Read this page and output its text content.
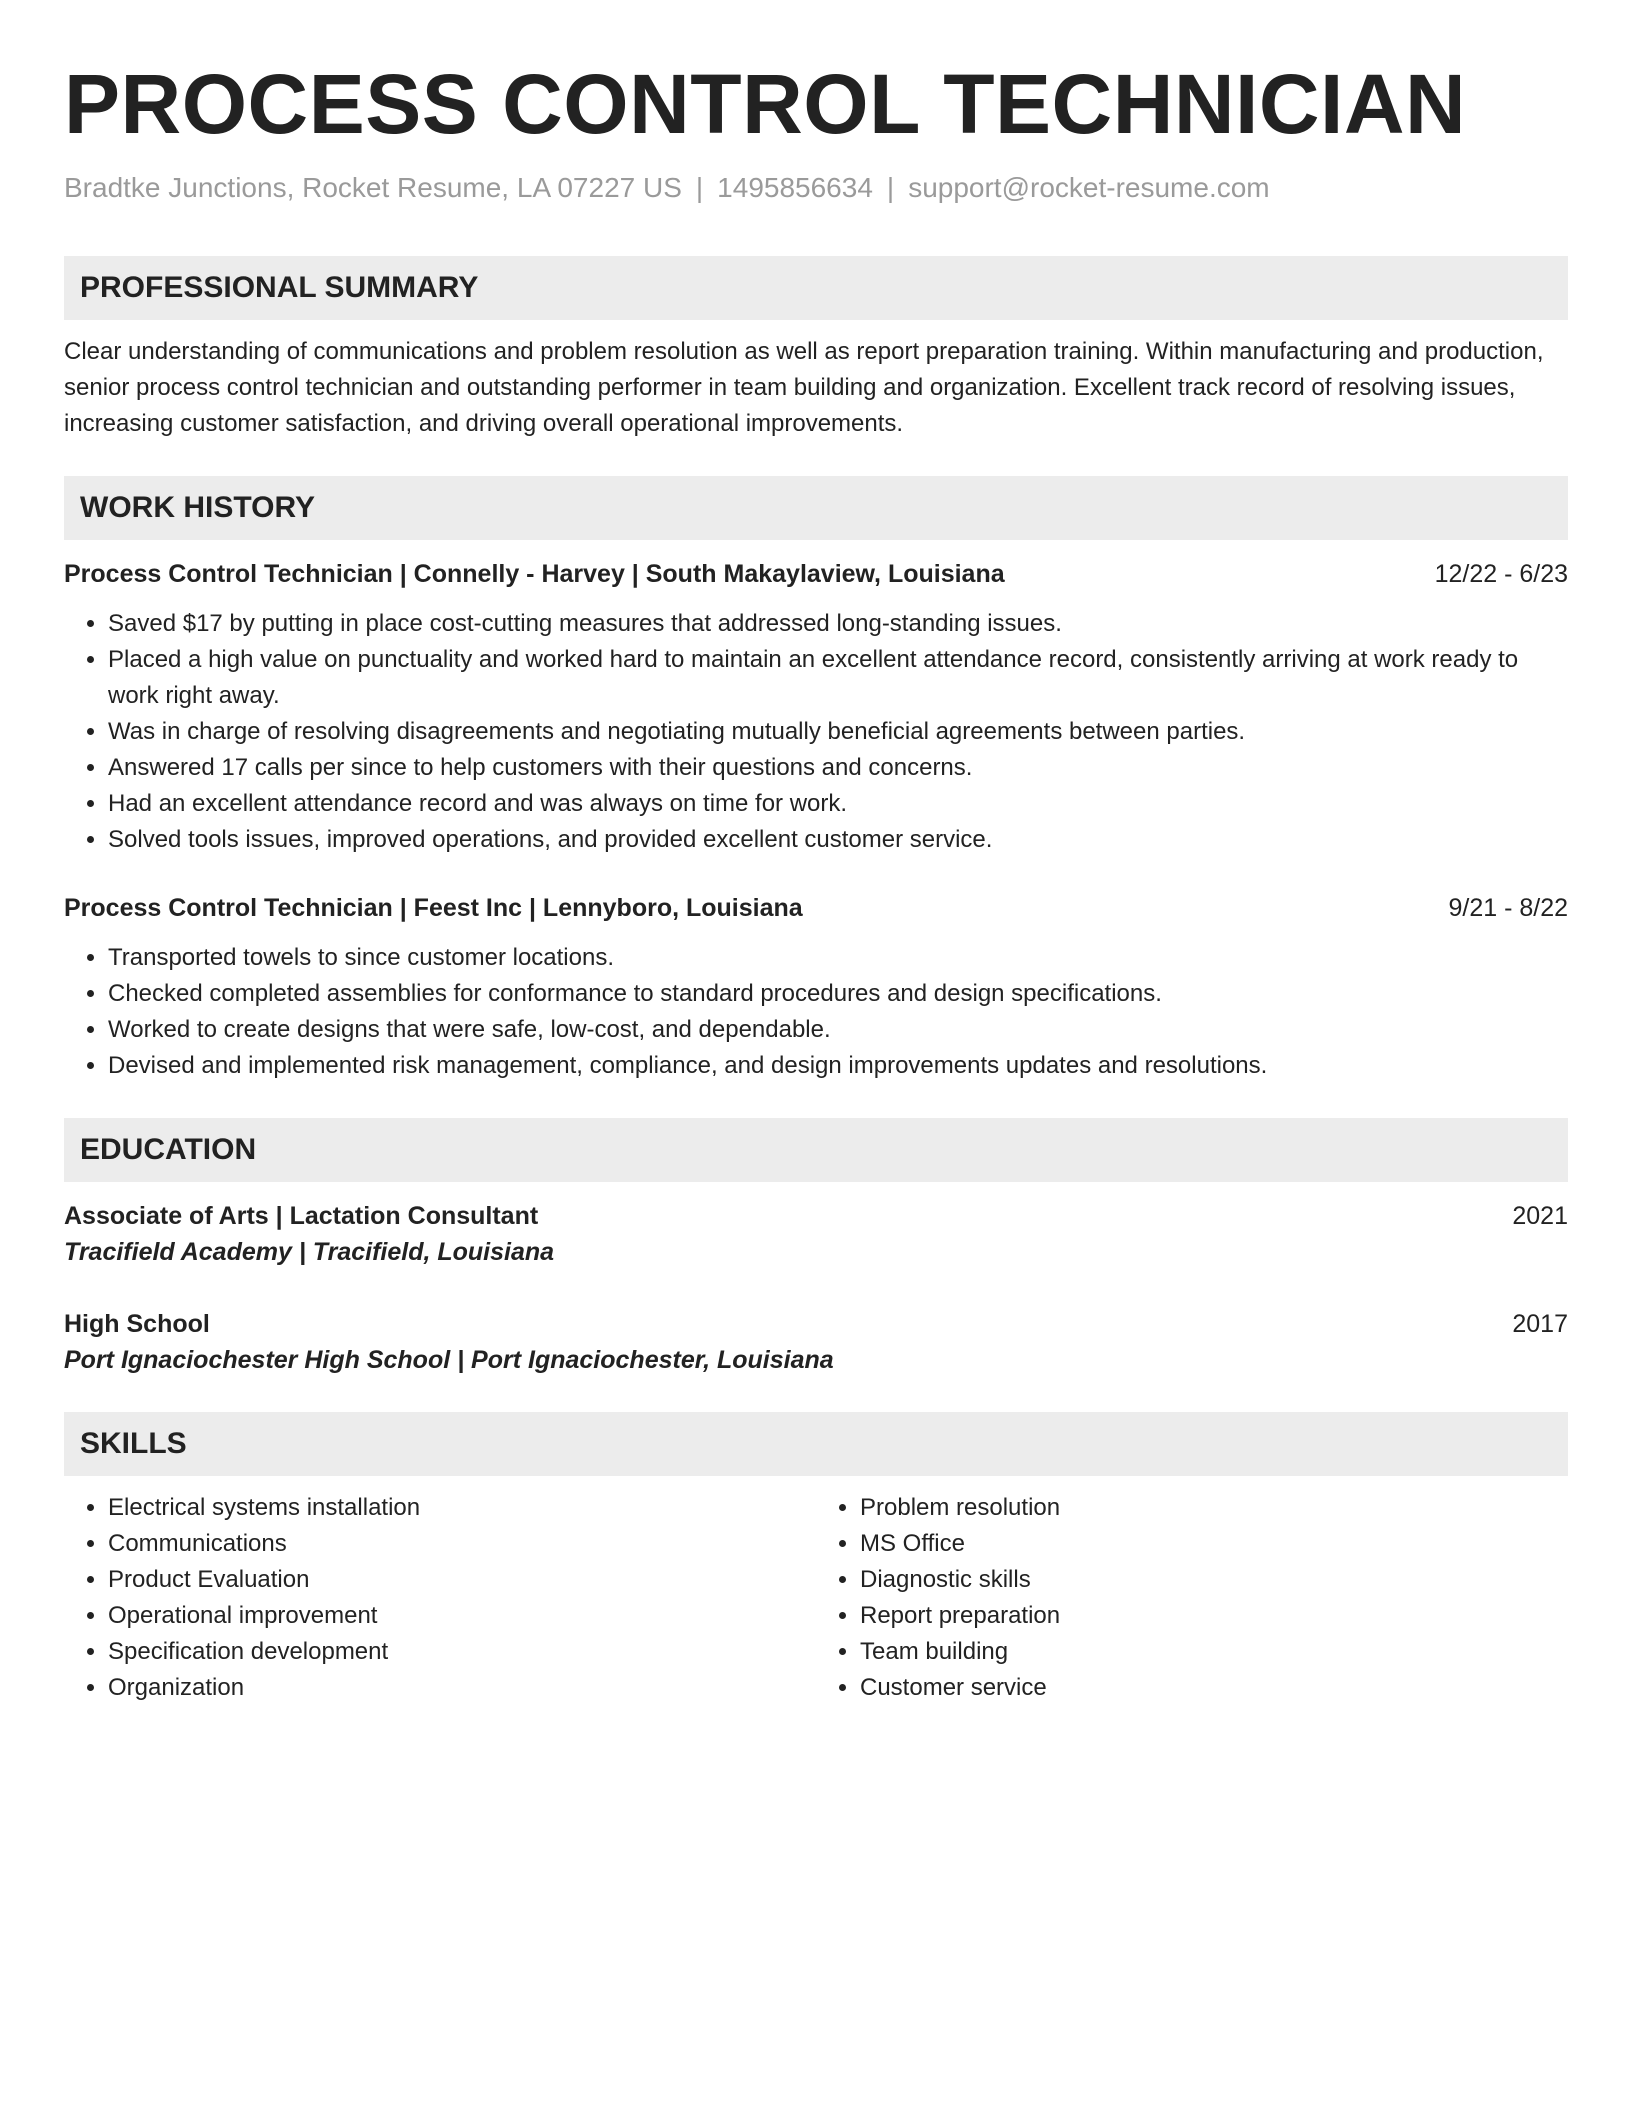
PROCESS CONTROL TECHNICIAN
Bradtke Junctions, Rocket Resume, LA 07227 US | 1495856634 | support@rocket-resume.com
PROFESSIONAL SUMMARY
Clear understanding of communications and problem resolution as well as report preparation training. Within manufacturing and production, senior process control technician and outstanding performer in team building and organization. Excellent track record of resolving issues, increasing customer satisfaction, and driving overall operational improvements.
WORK HISTORY
Process Control Technician | Connelly - Harvey | South Makaylaview, Louisiana	12/22 - 6/23
• Saved $17 by putting in place cost-cutting measures that addressed long-standing issues.
• Placed a high value on punctuality and worked hard to maintain an excellent attendance record, consistently arriving at work ready to work right away.
• Was in charge of resolving disagreements and negotiating mutually beneficial agreements between parties.
• Answered 17 calls per since to help customers with their questions and concerns.
• Had an excellent attendance record and was always on time for work.
• Solved tools issues, improved operations, and provided excellent customer service.
Process Control Technician | Feest Inc | Lennyboro, Louisiana	9/21 - 8/22
• Transported towels to since customer locations.
• Checked completed assemblies for conformance to standard procedures and design specifications.
• Worked to create designs that were safe, low-cost, and dependable.
• Devised and implemented risk management, compliance, and design improvements updates and resolutions.
EDUCATION
Associate of Arts | Lactation Consultant	2021
Tracifield Academy | Tracifield, Louisiana
High School	2017
Port Ignaciochester High School | Port Ignaciochester, Louisiana
SKILLS
• Electrical systems installation
• Communications
• Product Evaluation
• Operational improvement
• Specification development
• Organization
• Problem resolution
• MS Office
• Diagnostic skills
• Report preparation
• Team building
• Customer service
